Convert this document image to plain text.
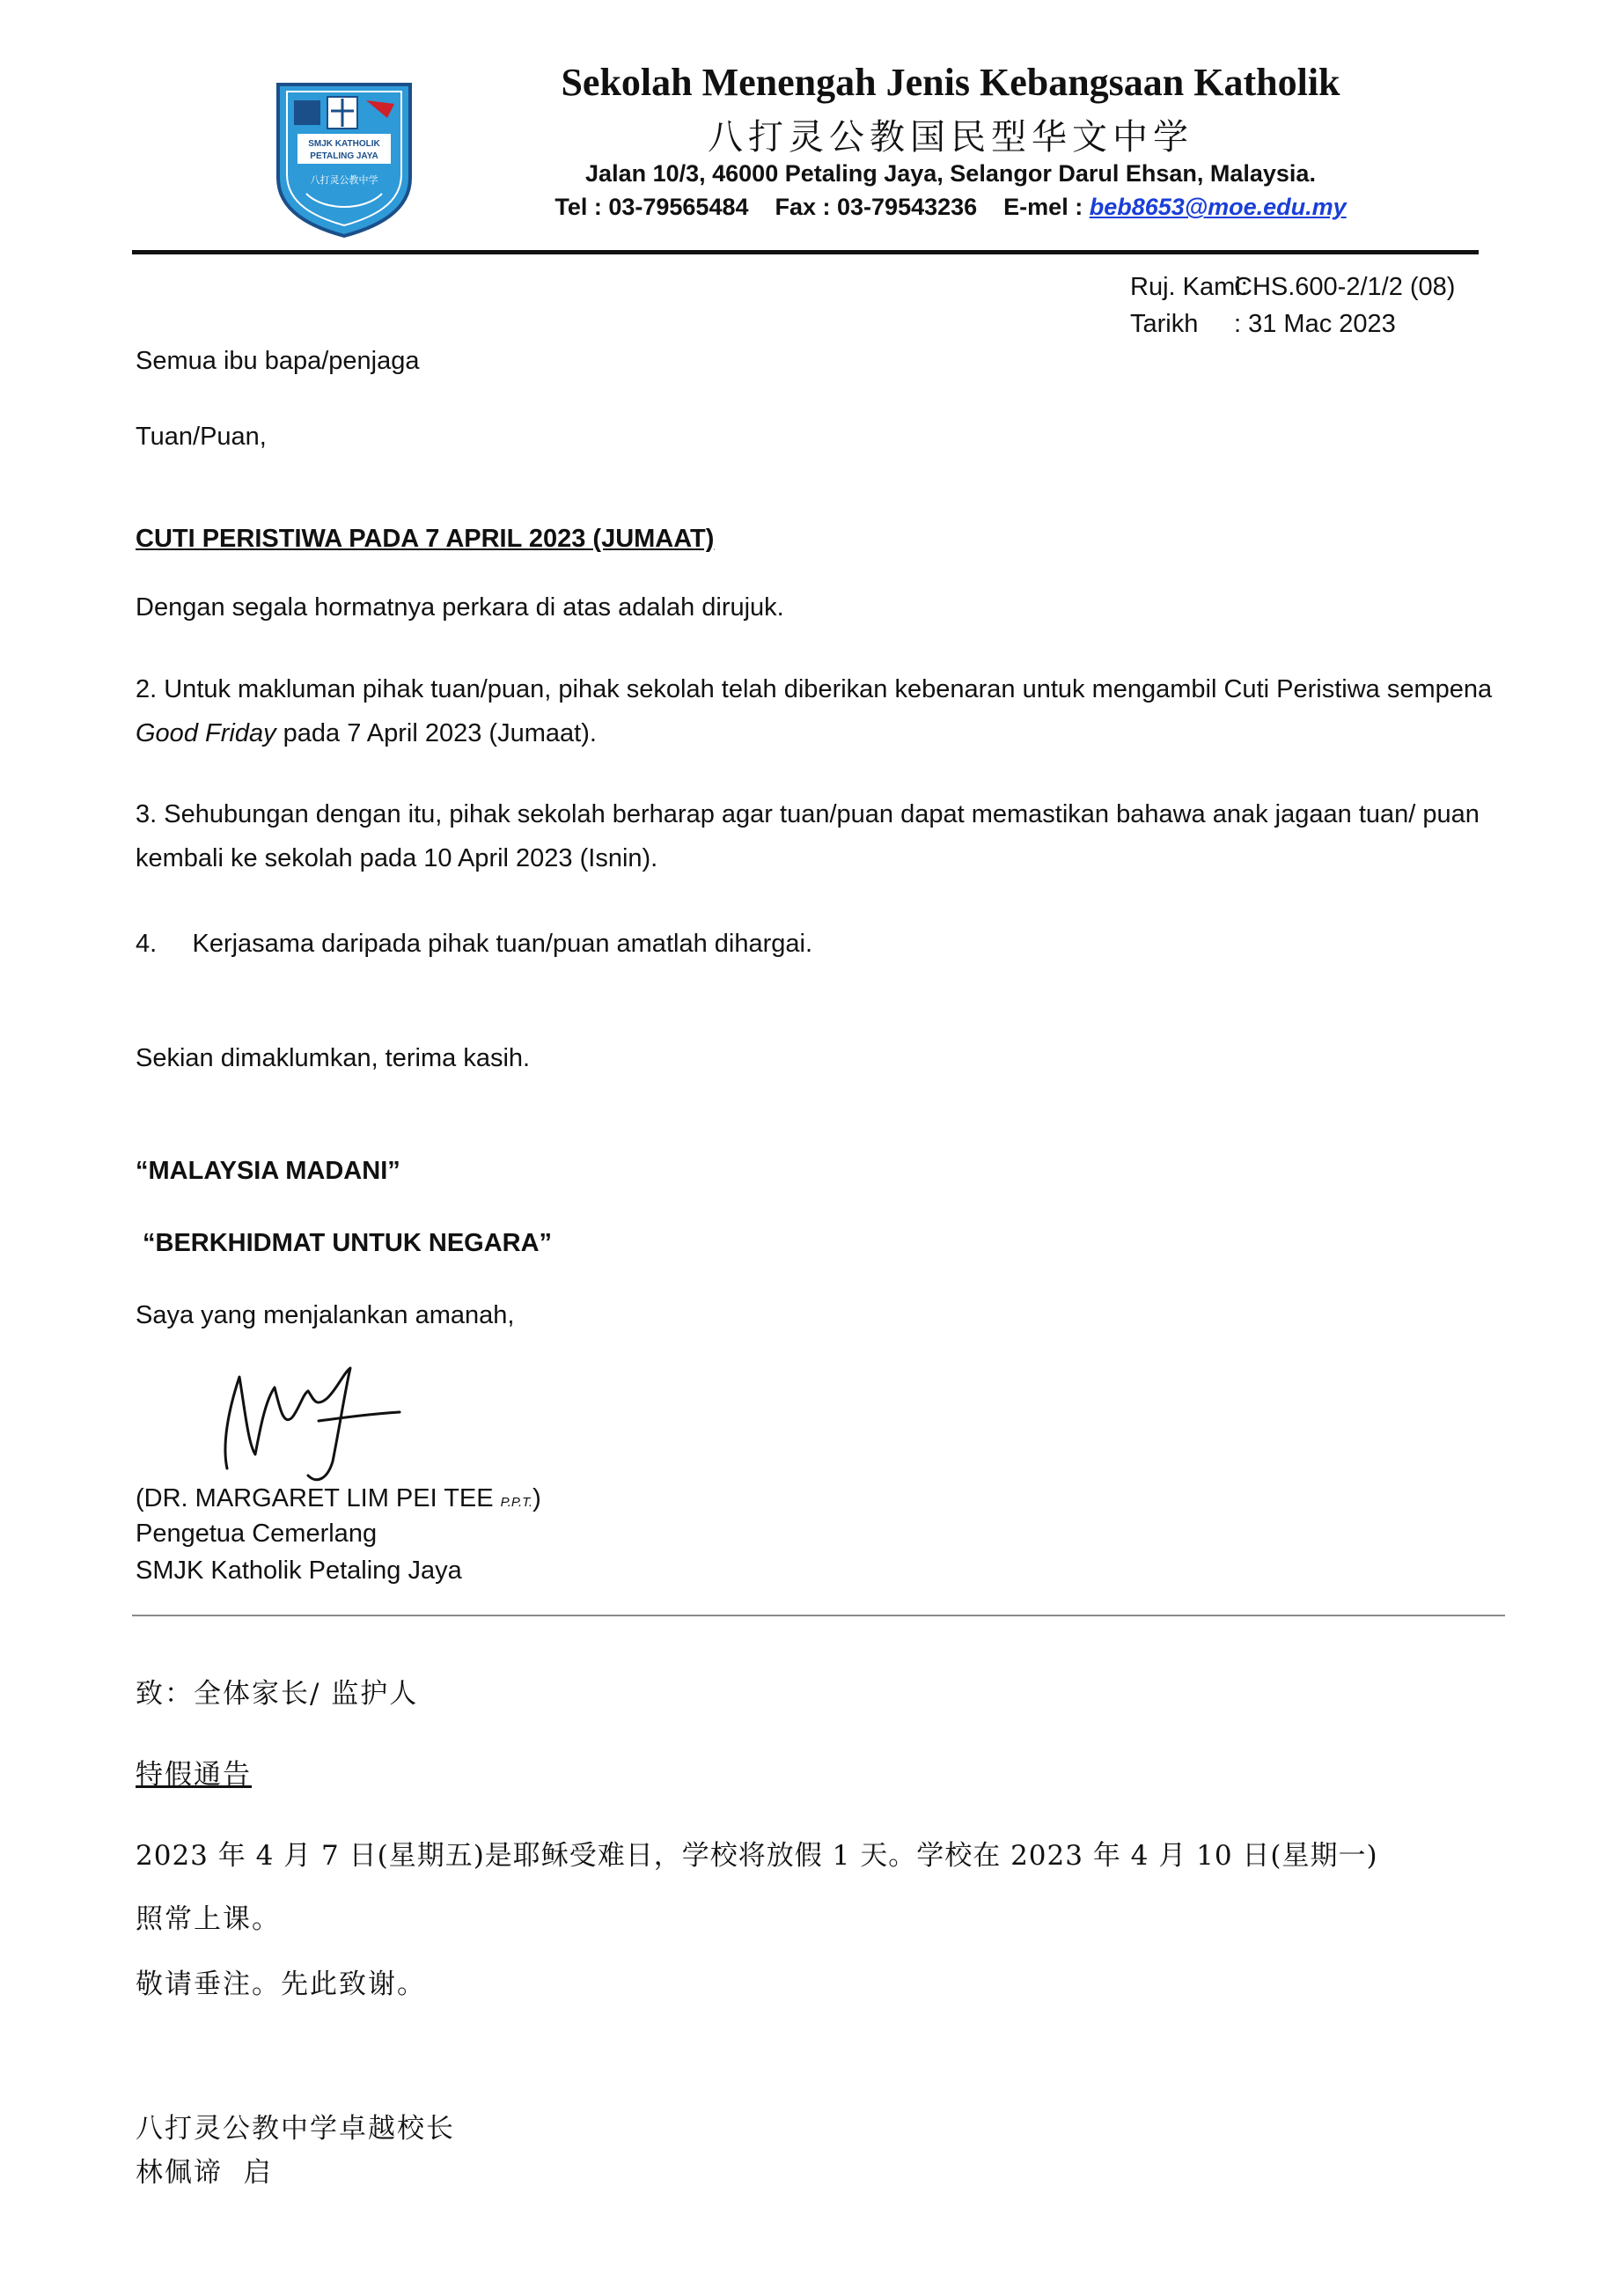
SMJK KATHOLIK
PETALING JAYA
八打灵公教中学
Sekolah Menengah Jenis Kebangsaan Katholik
八打灵公教国民型华文中学
Jalan 10/3, 46000 Petaling Jaya, Selangor Darul Ehsan, Malaysia.
Tel : 03-79565484 Fax : 03-79543236 E-mel : beb8653@moe.edu.my
Ruj. Kami:CHS.600-2/1/2 (08)
Tarikh : 31 Mac 2023
Semua ibu bapa/penjaga
Tuan/Puan,
CUTI PERISTIWA PADA 7 APRIL 2023 (JUMAAT)
Dengan segala hormatnya perkara di atas adalah dirujuk.
2. Untuk makluman pihak tuan/puan, pihak sekolah telah diberikan kebenaran untuk mengambil Cuti Peristiwa sempena Good Friday pada 7 April 2023 (Jumaat).
3. Sehubungan dengan itu, pihak sekolah berharap agar tuan/puan dapat memastikan bahawa anak jagaan tuan/ puan kembali ke sekolah pada 10 April 2023 (Isnin).
4.     Kerjasama daripada pihak tuan/puan amatlah dihargai.
Sekian dimaklumkan, terima kasih.
“MALAYSIA MADANI”
“BERKHIDMAT UNTUK NEGARA”
Saya yang menjalankan amanah,
(DR. MARGARET LIM PEI TEE P.P.T.)
Pengetua Cemerlang
SMJK Katholik Petaling Jaya
致：全体家长/ 监护人
特假通告
2023 年 4 月 7 日(星期五)是耶稣受难日，学校将放假 1 天。学校在 2023 年 4 月 10 日(星期一)
照常上课。
敬请垂注。先此致谢。
八打灵公教中学卓越校长
林佩谛  启
